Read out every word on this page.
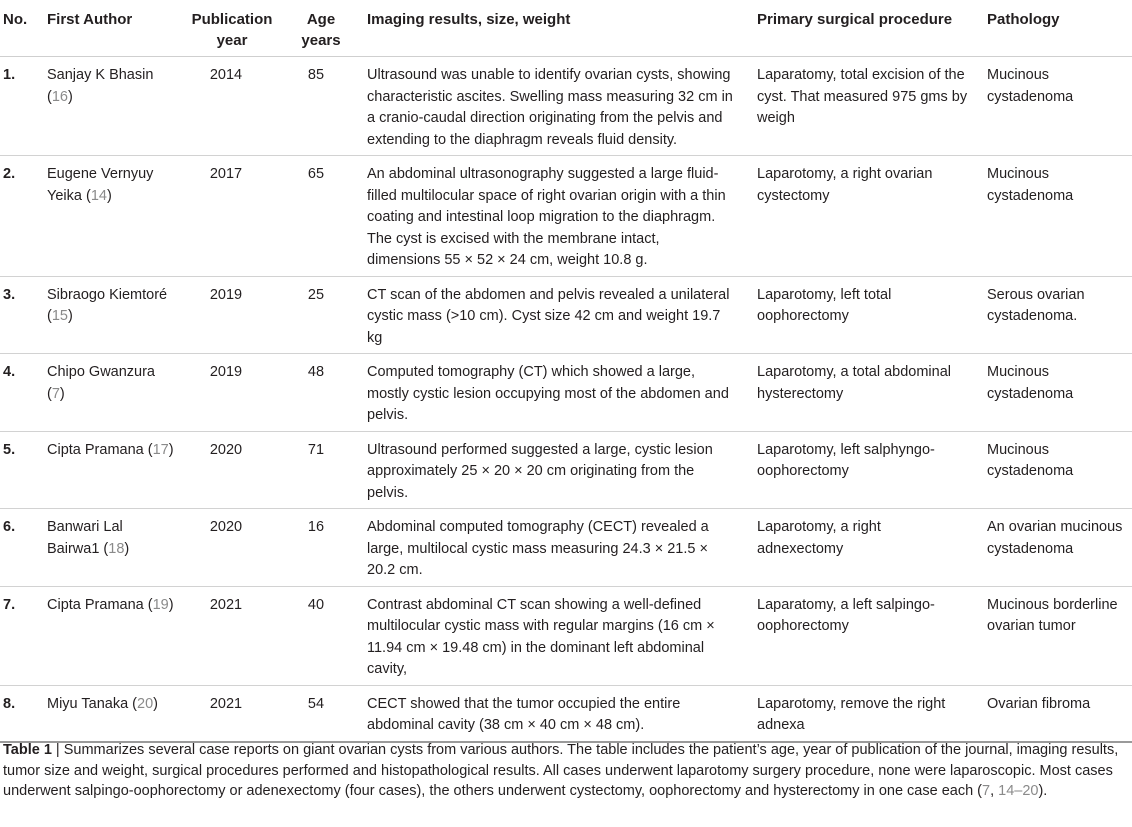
No.	First Author	Publication year	Age years	Imaging results, size, weight	Primary surgical procedure	Pathology
1.	Sanjay K Bhasin (16)	2014	85	Ultrasound was unable to identify ovarian cysts, showing characteristic ascites. Swelling mass measuring 32 cm in a cranio-caudal direction originating from the pelvis and extending to the diaphragm reveals fluid density.	Laparatomy, total excision of the cyst. That measured 975 gms by weigh	Mucinous cystadenoma
2.	Eugene Vernyuy Yeika (14)	2017	65	An abdominal ultrasonography suggested a large fluid-filled multilocular space of right ovarian origin with a thin coating and intestinal loop migration to the diaphragm. The cyst is excised with the membrane intact, dimensions 55 × 52 × 24 cm, weight 10.8 g.	Laparotomy, a right ovarian cystectomy	Mucinous cystadenoma
3.	Sibraogo Kiemtoré (15)	2019	25	CT scan of the abdomen and pelvis revealed a unilateral cystic mass (>10 cm). Cyst size 42 cm and weight 19.7 kg	Laparotomy, left total oophorectomy	Serous ovarian cystadenoma.
4.	Chipo Gwanzura (7)	2019	48	Computed tomography (CT) which showed a large, mostly cystic lesion occupying most of the abdomen and pelvis.	Laparotomy, a total abdominal hysterectomy	Mucinous cystadenoma
5.	Cipta Pramana (17)	2020	71	Ultrasound performed suggested a large, cystic lesion approximately 25 × 20 × 20 cm originating from the pelvis.	Laparotomy, left salphyngo-oophorectomy	Mucinous cystadenoma
6.	Banwari Lal Bairwa1 (18)	2020	16	Abdominal computed tomography (CECT) revealed a large, multilocal cystic mass measuring 24.3 × 21.5 × 20.2 cm.	Laparotomy, a right adnexectomy	An ovarian mucinous cystadenoma
7.	Cipta Pramana (19)	2021	40	Contrast abdominal CT scan showing a well-defined multilocular cystic mass with regular margins (16 cm × 11.94 cm × 19.48 cm) in the dominant left abdominal cavity,	Laparatomy, a left salpingo-oophorectomy	Mucinous borderline ovarian tumor
8.	Miyu Tanaka (20)	2021	54	CECT showed that the tumor occupied the entire abdominal cavity (38 cm × 40 cm × 48 cm).	Laparotomy, remove the right adnexa	Ovarian fibroma
Table 1 | Summarizes several case reports on giant ovarian cysts from various authors. The table includes the patient’s age, year of publication of the journal, imaging results, tumor size and weight, surgical procedures performed and histopathological results. All cases underwent laparotomy surgery procedure, none were laparoscopic. Most cases underwent salpingo-oophorectomy or adenexectomy (four cases), the others underwent cystectomy, oophorectomy and hysterectomy in one case each (7, 14–20).
